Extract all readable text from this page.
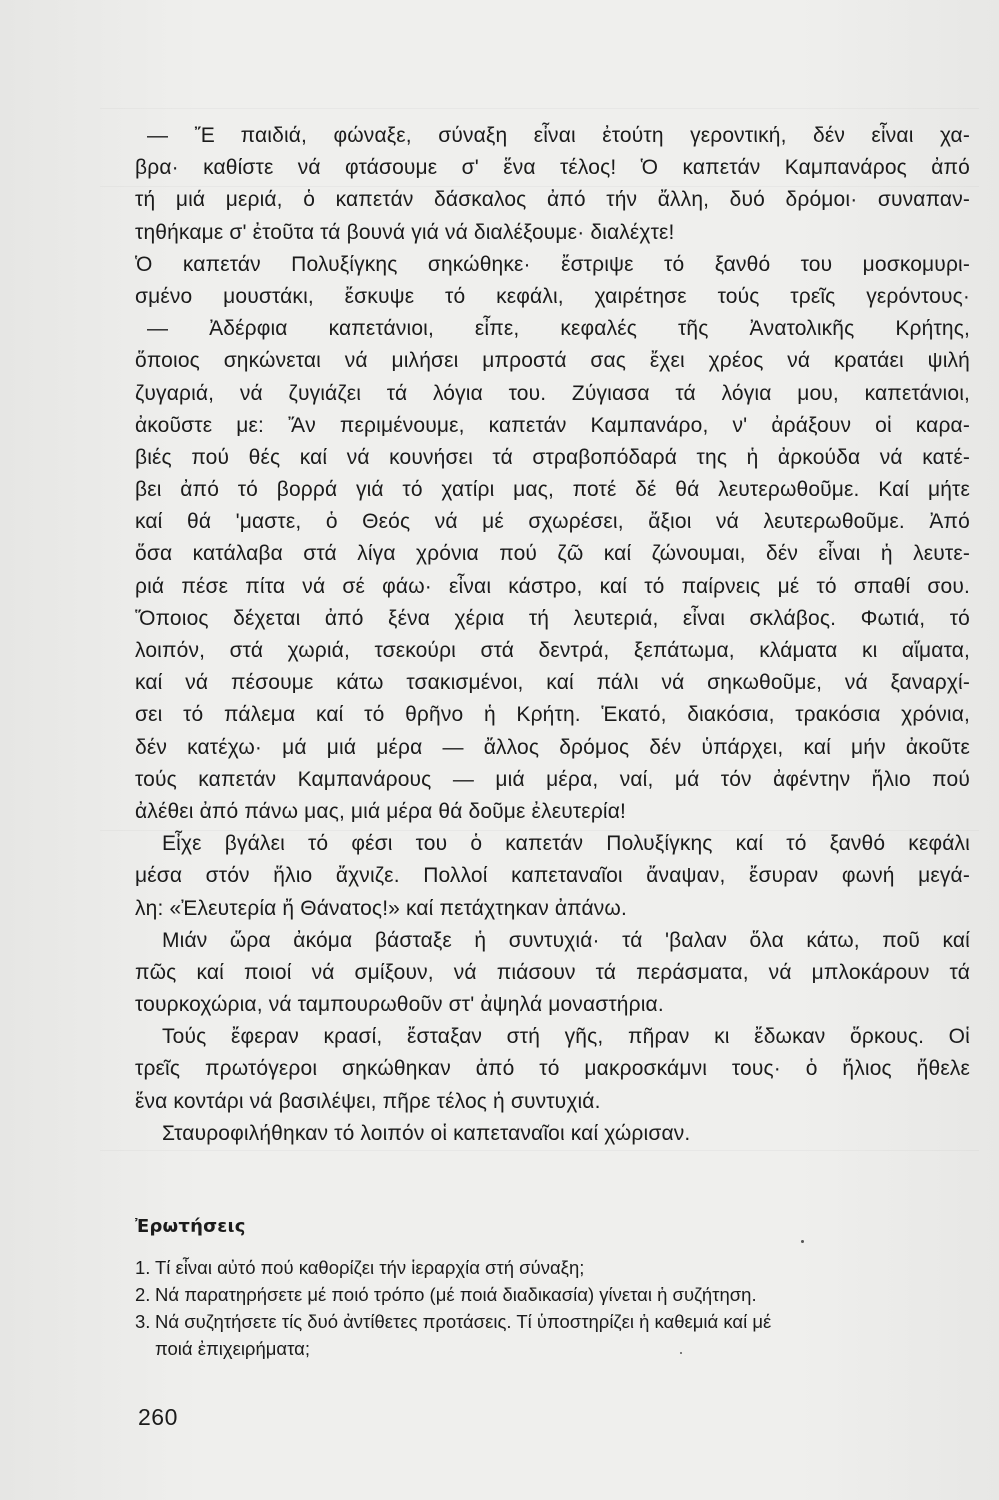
— Ἔ παιδιά, φώναξε, σύναξη εἶναι ἐτούτη γεροντική, δέν εἶναι χα-
βρα· καθίστε νά φτάσουμε σ' ἕνα τέλος! Ὁ καπετάν Καμπανάρος ἀπό
τή μιά μεριά, ὁ καπετάν δάσκαλος ἀπό τήν ἄλλη, δυό δρόμοι· συναπαν-
τηθήκαμε σ' ἐτοῦτα τά βουνά γιά νά διαλέξουμε· διαλέχτε!
Ὁ καπετάν Πολυξίγκης σηκώθηκε· ἔστριψε τό ξανθό του μοσκομυρι-
σμένο μουστάκι, ἔσκυψε τό κεφάλι, χαιρέτησε τούς τρεῖς γερόντους·
— Ἀδέρφια καπετάνιοι, εἶπε, κεφαλές τῆς Ἀνατολικῆς Κρήτης,
ὅποιος σηκώνεται νά μιλήσει μπροστά σας ἔχει χρέος νά κρατάει ψιλή
ζυγαριά, νά ζυγιάζει τά λόγια του. Ζύγιασα τά λόγια μου, καπετάνιοι,
ἀκοῦστε με: Ἄν περιμένουμε, καπετάν Καμπανάρο, ν' ἀράξουν οἱ καρα-
βιές πού θές καί νά κουνήσει τά στραβοπόδαρά της ἡ ἀρκούδα νά κατέ-
βει ἀπό τό βορρά γιά τό χατίρι μας, ποτέ δέ θά λευτερωθοῦμε. Καί μήτε
καί θά 'μαστε, ὁ Θεός νά μέ σχωρέσει, ἄξιοι νά λευτερωθοῦμε. Ἀπό
ὅσα κατάλαβα στά λίγα χρόνια πού ζῶ καί ζώνουμαι, δέν εἶναι ἡ λευτε-
ριά πέσε πίτα νά σέ φάω· εἶναι κάστρο, καί τό παίρνεις μέ τό σπαθί σου.
Ὅποιος δέχεται ἀπό ξένα χέρια τή λευτεριά, εἶναι σκλάβος. Φωτιά, τό
λοιπόν, στά χωριά, τσεκούρι στά δεντρά, ξεπάτωμα, κλάματα κι αἵματα,
καί νά πέσουμε κάτω τσακισμένοι, καί πάλι νά σηκωθοῦμε, νά ξαναρχί-
σει τό πάλεμα καί τό θρῆνο ἡ Κρήτη. Ἑκατό, διακόσια, τρακόσια χρόνια,
δέν κατέχω· μά μιά μέρα — ἄλλος δρόμος δέν ὑπάρχει, καί μήν ἀκοῦτε
τούς καπετάν Καμπανάρους — μιά μέρα, ναί, μά τόν ἀφέντην ἥλιο πού
ἀλέθει ἀπό πάνω μας, μιά μέρα θά δοῦμε ἐλευτερία!
Εἶχε βγάλει τό φέσι του ὁ καπετάν Πολυξίγκης καί τό ξανθό κεφάλι
μέσα στόν ἥλιο ἄχνιζε. Πολλοί καπεταναῖοι ἄναψαν, ἔσυραν φωνή μεγά-
λη: «Ἐλευτερία ἤ Θάνατος!» καί πετάχτηκαν ἀπάνω.
Μιάν ὥρα ἀκόμα βάσταξε ἡ συντυχιά· τά 'βαλαν ὅλα κάτω, ποῦ καί
πῶς καί ποιοί νά σμίξουν, νά πιάσουν τά περάσματα, νά μπλοκάρουν τά
τουρκοχώρια, νά ταμπουρωθοῦν στ' ἀψηλά μοναστήρια.
Τούς ἔφεραν κρασί, ἔσταξαν στή γῆς, πῆραν κι ἔδωκαν ὅρκους. Οἱ
τρεῖς πρωτόγεροι σηκώθηκαν ἀπό τό μακροσκάμνι τους· ὁ ἥλιος ἤθελε
ἕνα κοντάρι νά βασιλέψει, πῆρε τέλος ἡ συντυχιά.
Σταυροφιλήθηκαν τό λοιπόν οἱ καπεταναῖοι καί χώρισαν.
Ἐρωτήσεις
1. Τί εἶναι αὐτό πού καθορίζει τήν ἱεραρχία στή σύναξη;
2. Νά παρατηρήσετε μέ ποιό τρόπο (μέ ποιά διαδικασία) γίνεται ἡ συζήτηση.
3. Νά συζητήσετε τίς δυό ἀντίθετες προτάσεις. Τί ὑποστηρίζει ἡ καθεμιά καί μέ
ποιά ἐπιχειρήματα;
260
